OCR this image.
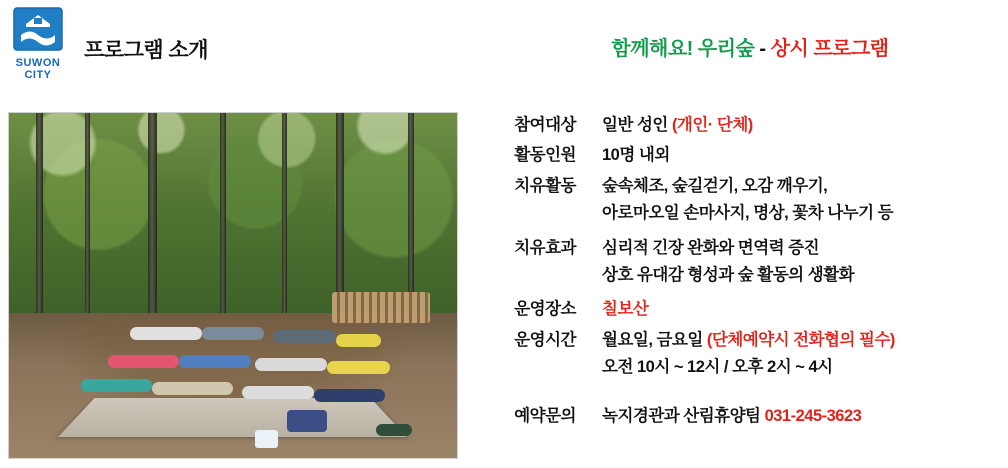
SUWON
CITY
프로그램 소개	함께해요! 우리숲 - 상시 프로그램
참여대상 일반 성인 (개인· 단체)
활동인원 10명 내외
치유활동 숲속체조, 숲길걷기, 오감 깨우기,
아로마오일 손마사지, 명상, 꽃차 나누기 등
치유효과 심리적 긴장 완화와 면역력 증진
상호 유대감 형성과 숲 활동의 생활화
운영장소 칠보산
운영시간 월요일, 금요일 (단체예약시 전화협의 필수)
오전 10시 ~ 12시 / 오후 2시 ~ 4시
예약문의 녹지경관과 산림휴양팀 031-245-3623
